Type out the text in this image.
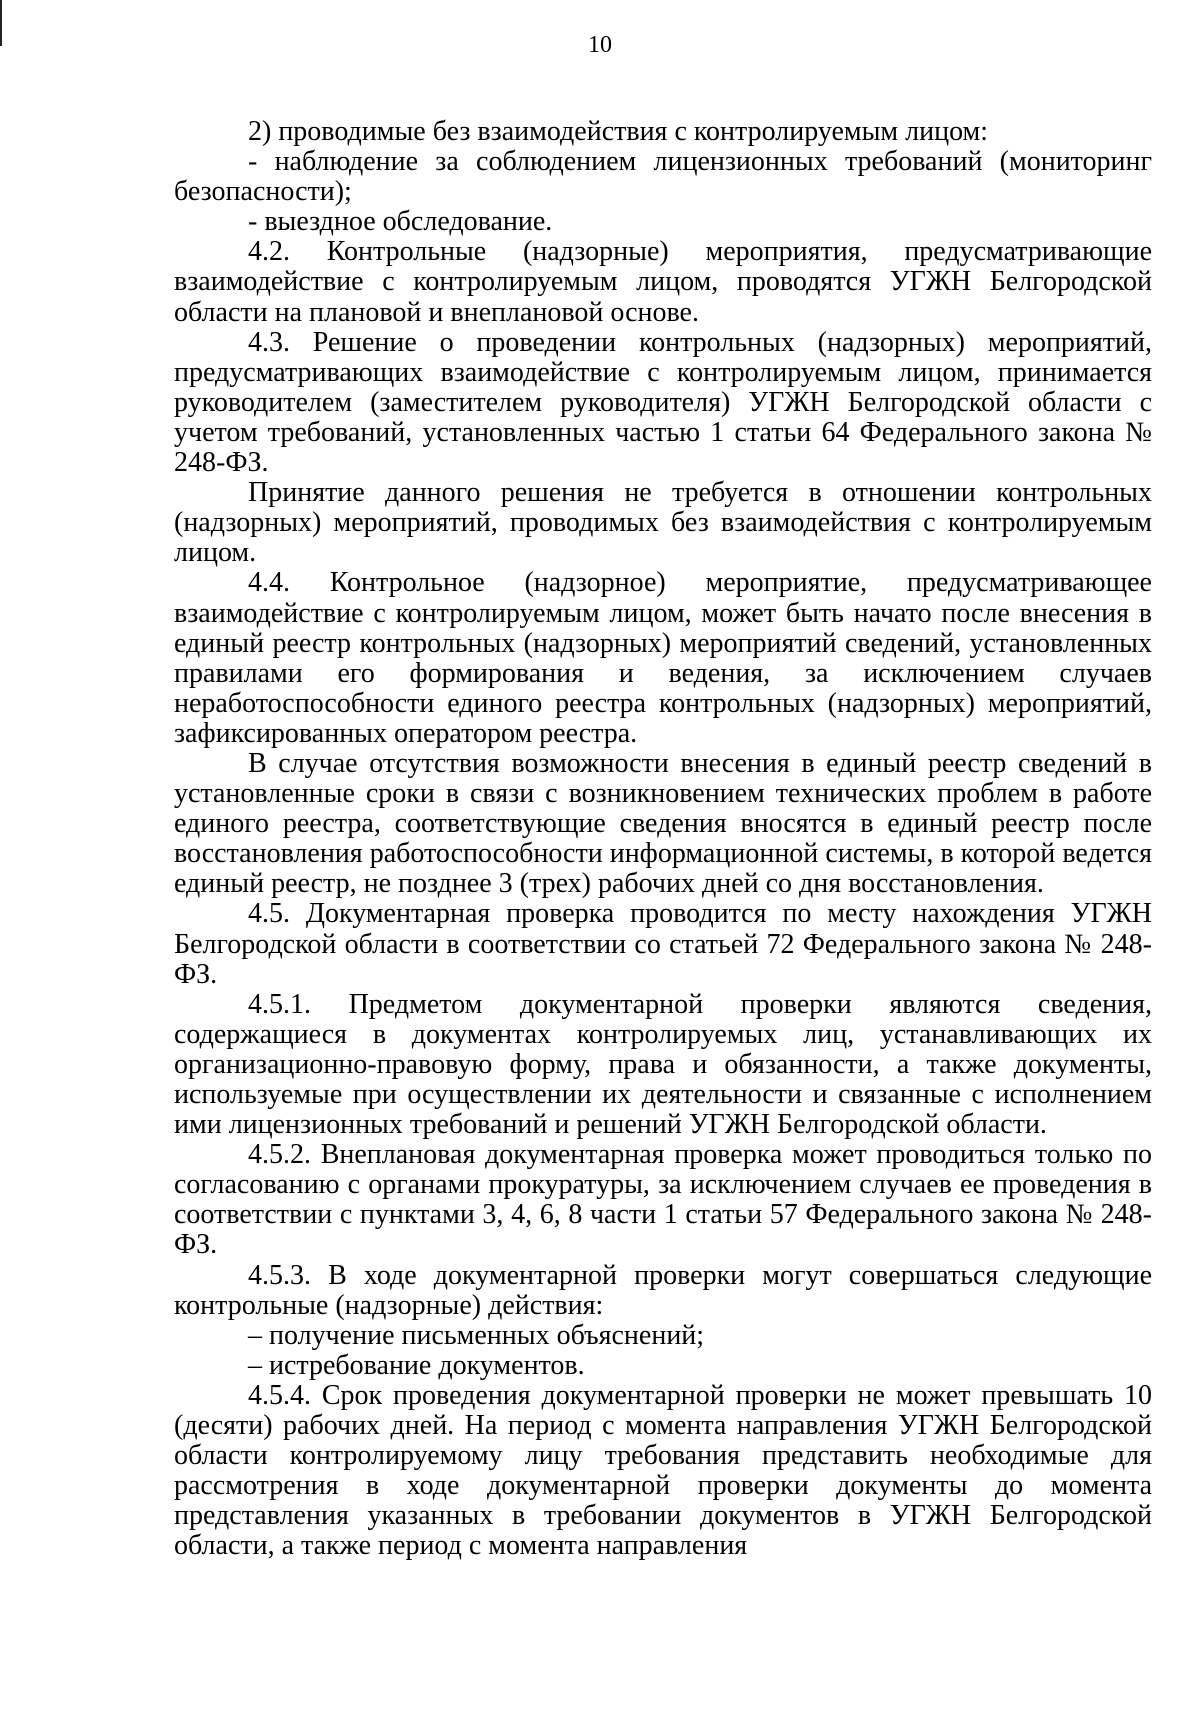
10

2) проводимые без взаимодействия с контролируемым лицом:

- наблюдение за соблюдением лицензионных требований (мониторинг безопасности);

- выездное обследование.

4.2. Контрольные (надзорные) мероприятия, предусматривающие взаимодействие с контролируемым лицом, проводятся УГЖН Белгородской области на плановой и внеплановой основе.

4.3. Решение о проведении контрольных (надзорных) мероприятий, предусматривающих взаимодействие с контролируемым лицом, принимается руководителем (заместителем руководителя) УГЖН Белгородской области с учетом требований, установленных частью 1 статьи 64 Федерального закона № 248-ФЗ.

Принятие данного решения не требуется в отношении контрольных (надзорных) мероприятий, проводимых без взаимодействия с контролируемым лицом.

4.4. Контрольное (надзорное) мероприятие, предусматривающее взаимодействие с контролируемым лицом, может быть начато после внесения в единый реестр контрольных (надзорных) мероприятий сведений, установленных правилами его формирования и ведения, за исключением случаев неработоспособности единого реестра контрольных (надзорных) мероприятий, зафиксированных оператором реестра.

В случае отсутствия возможности внесения в единый реестр сведений в установленные сроки в связи с возникновением технических проблем в работе единого реестра, соответствующие сведения вносятся в единый реестр после восстановления работоспособности информационной системы, в которой ведется единый реестр, не позднее 3 (трех) рабочих дней со дня восстановления.

4.5. Документарная проверка проводится по месту нахождения УГЖН Белгородской области в соответствии со статьей 72 Федерального закона № 248-ФЗ.

4.5.1. Предметом документарной проверки являются сведения, содержащиеся в документах контролируемых лиц, устанавливающих их организационно-правовую форму, права и обязанности, а также документы, используемые при осуществлении их деятельности и связанные с исполнением ими лицензионных требований и решений УГЖН Белгородской области.

4.5.2. Внеплановая документарная проверка может проводиться только по согласованию с органами прокуратуры, за исключением случаев ее проведения в соответствии с пунктами 3, 4, 6, 8 части 1 статьи 57 Федерального закона № 248-ФЗ.

4.5.3. В ходе документарной проверки могут совершаться следующие контрольные (надзорные) действия:

– получение письменных объяснений;

– истребование документов.

4.5.4. Срок проведения документарной проверки не может превышать 10 (десяти) рабочих дней. На период с момента направления УГЖН Белгородской области контролируемому лицу требования представить необходимые для рассмотрения в ходе документарной проверки документы до момента представления указанных в требовании документов в УГЖН Белгородской области, а также период с момента направления
